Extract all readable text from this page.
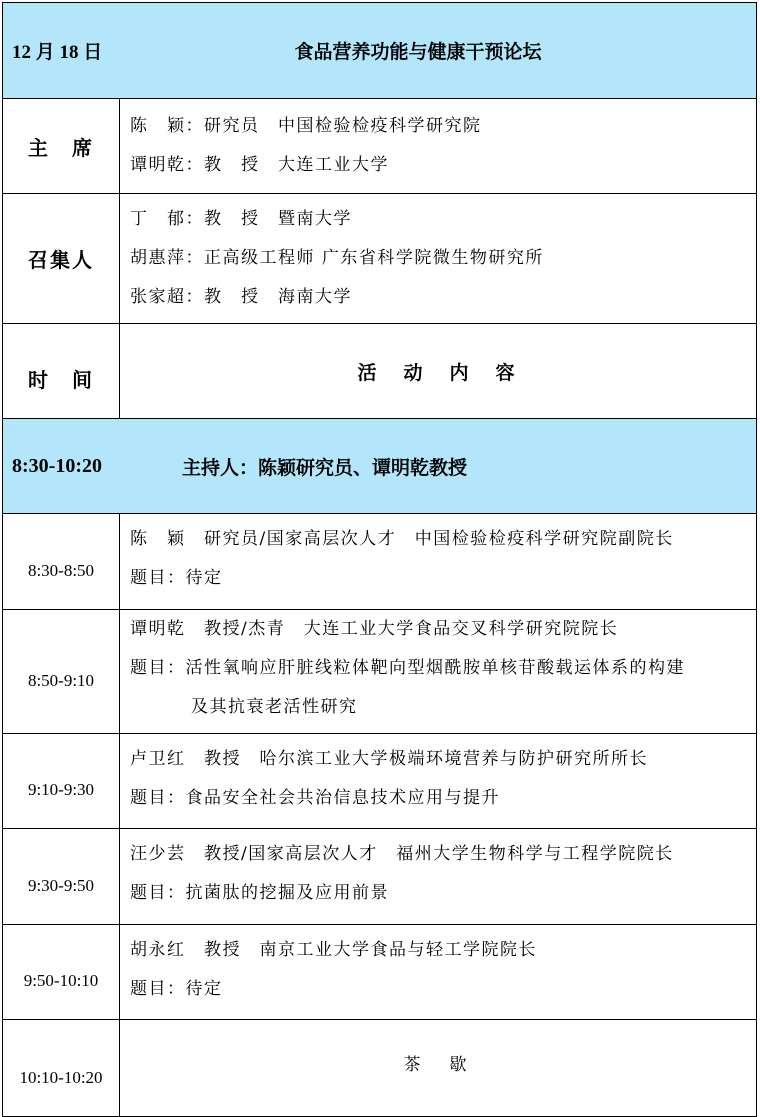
12 月 18 日 食品营养功能与健康干预论坛	

主　席	陈　颖：研究员　中国检验检疫科学研究院
谭明乾：教　授　大连工业大学

召集人	丁　郁：教　授　暨南大学
胡惠萍：正高级工程师 广东省科学院微生物研究所
张家超：教　授　海南大学

时　间	活　动　内　容

8:30-10:20 主持人：陈颖研究员、谭明乾教授	

8:30-8:50	陈　颖　研究员/国家高层次人才　中国检验检疫科学研究院副院长
题目：待定

8:50-9:10	谭明乾　教授/杰青　大连工业大学食品交叉科学研究院院长
题目：活性氧响应肝脏线粒体靶向型烟酰胺单核苷酸载运体系的构建
及其抗衰老活性研究

9:10-9:30	卢卫红　教授　哈尔滨工业大学极端环境营养与防护研究所所长
题目：食品安全社会共治信息技术应用与提升

9:30-9:50	汪少芸　教授/国家高层次人才　福州大学生物科学与工程学院院长
题目：抗菌肽的挖掘及应用前景

9:50-10:10	胡永红　教授　南京工业大学食品与轻工学院院长
题目：待定

10:10-10:20	茶　歇
